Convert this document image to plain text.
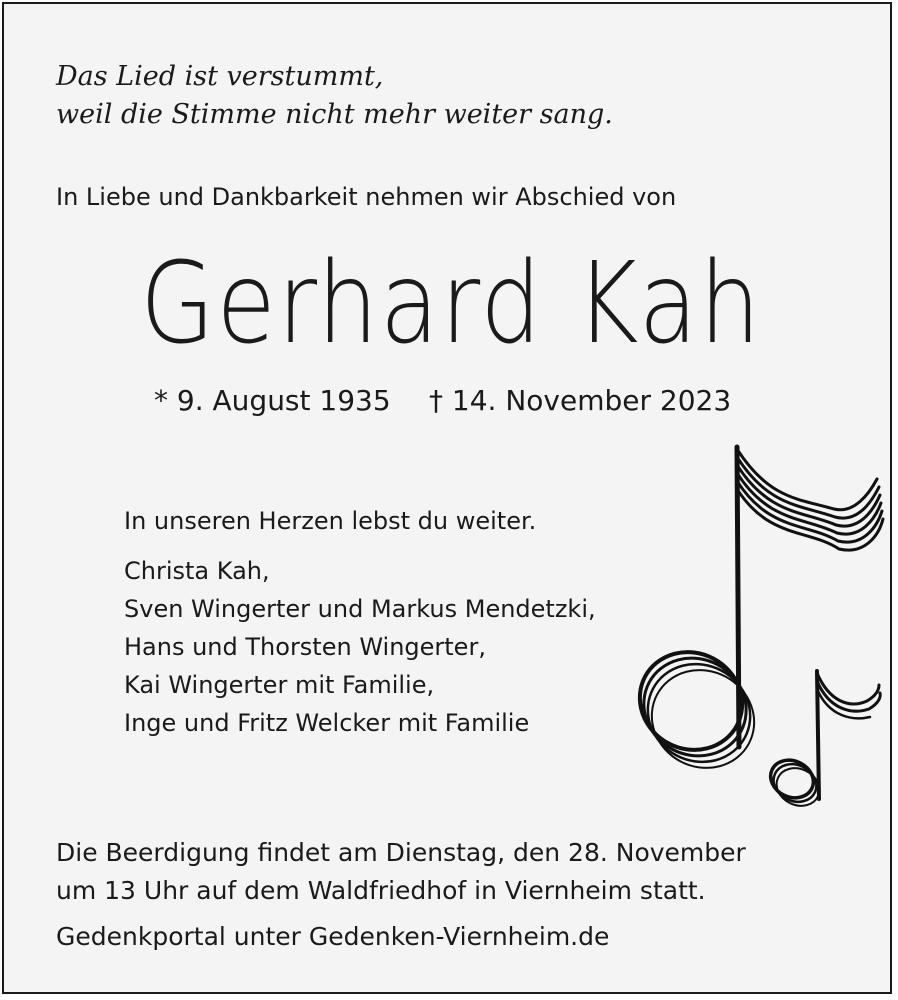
Das Lied ist verstummt,
weil die Stimme nicht mehr weiter sang.
In Liebe und Dankbarkeit nehmen wir Abschied von
Gerhard Kah
* 9. August 1935 † 14. November 2023
In unseren Herzen lebst du weiter.
Christa Kah,
Sven Wingerter und Markus Mendetzki,
Hans und Thorsten Wingerter,
Kai Wingerter mit Familie,
Inge und Fritz Welcker mit Familie
Die Beerdigung findet am Dienstag, den 28. November
um 13 Uhr auf dem Waldfriedhof in Viernheim statt.
Gedenkportal unter Gedenken-Viernheim.de
